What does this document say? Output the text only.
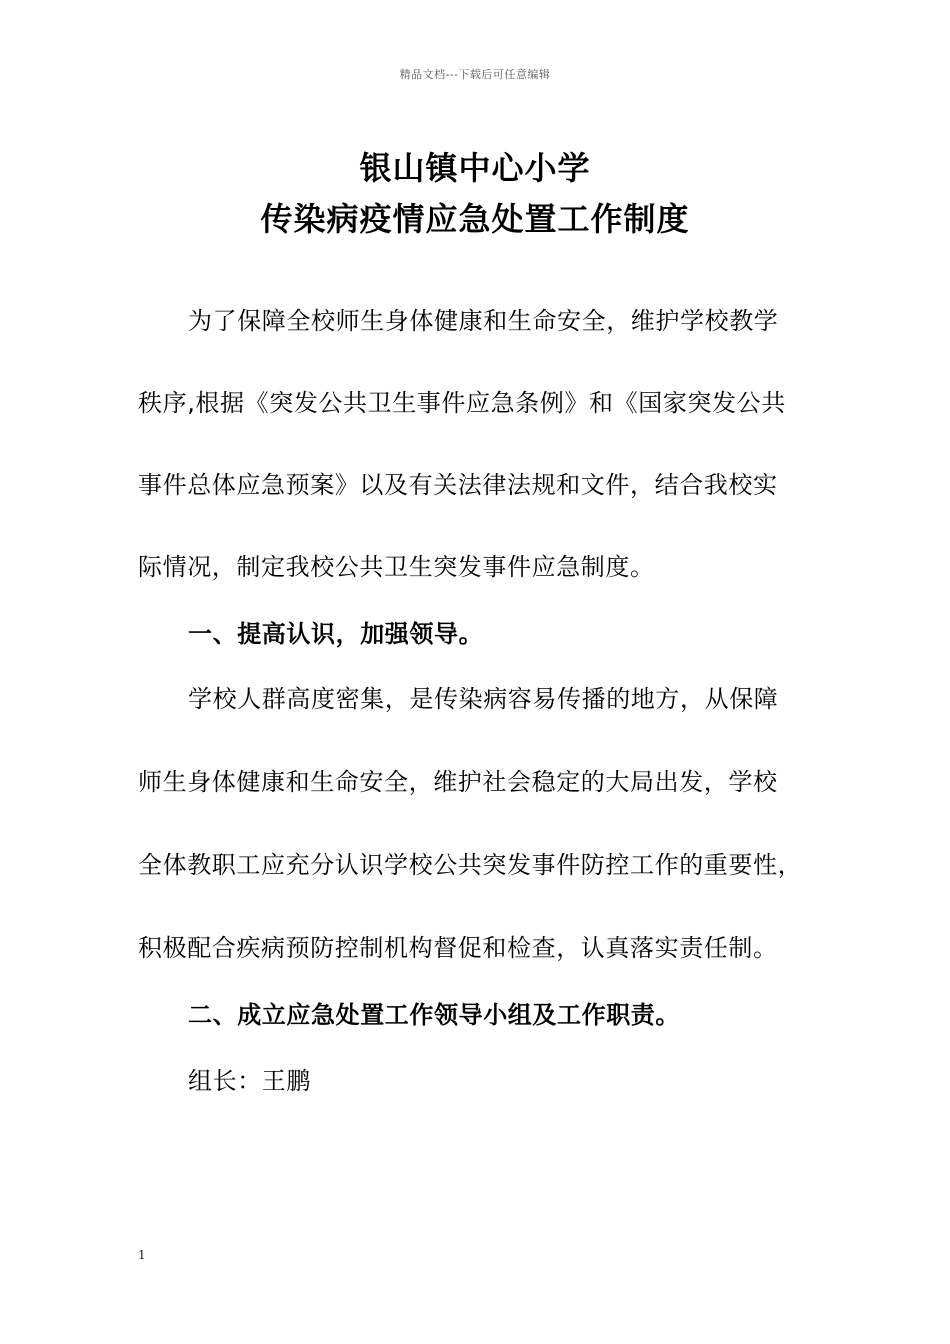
精品文档---下载后可任意编辑
银山镇中心小学
传染病疫情应急处置工作制度
为了保障全校师生身体健康和生命安全，维护学校教学
秩序,根据《突发公共卫生事件应急条例》和《国家突发公共
事件总体应急预案》以及有关法律法规和文件，结合我校实
际情况，制定我校公共卫生突发事件应急制度。
一、提高认识，加强领导。
学校人群高度密集，是传染病容易传播的地方，从保障
师生身体健康和生命安全，维护社会稳定的大局出发，学校
全体教职工应充分认识学校公共突发事件防控工作的重要性，
积极配合疾病预防控制机构督促和检查，认真落实责任制。
二、成立应急处置工作领导小组及工作职责。
组长：王鹏
1
